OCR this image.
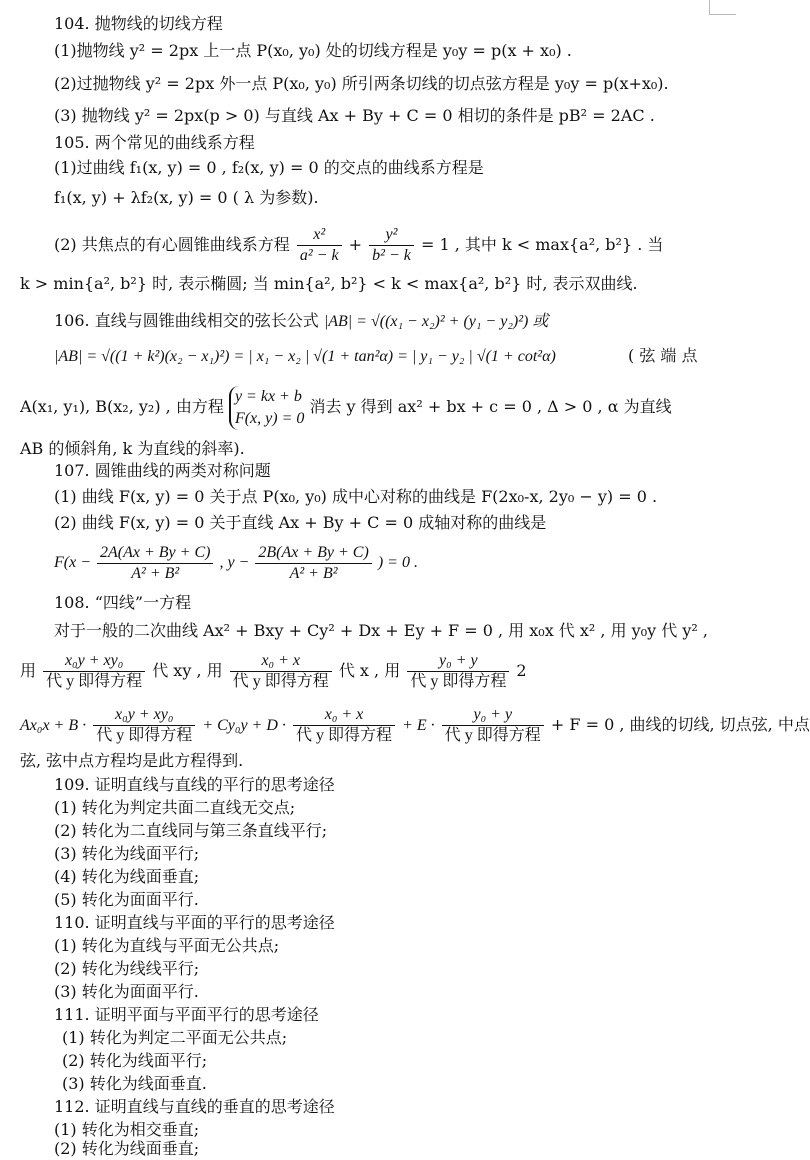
104. 抛物线的切线方程
(1)抛物线 y² = 2px 上一点 P(x₀, y₀) 处的切线方程是 y₀y = p(x + x₀) .
(2)过抛物线 y² = 2px 外一点 P(x₀, y₀) 所引两条切线的切点弦方程是 y₀y = p(x+x₀).
(3) 抛物线 y² = 2px(p > 0) 与直线 Ax + By + C = 0 相切的条件是 pB² = 2AC .
105. 两个常见的曲线系方程
(1)过曲线 f₁(x, y) = 0 , f₂(x, y) = 0 的交点的曲线系方程是
f₁(x, y) + λf₂(x, y) = 0 ( λ 为参数).
(2) 共焦点的有心圆锥曲线系方程 $\frac{\text{x²}}{\text{a² − k}} + \frac{\text{y²}}{\text{b² − k}} = 1$ , 其中 k < max{a², b²} . 当
k > min{a², b²} 时, 表示椭圆; 当 min{a², b²} < k < max{a², b²} 时, 表示双曲线.
106. 直线与圆锥曲线相交的弦长公式 |AB| = √((x₁ − x₂)² + (y₁ − y₂)²) 或
|AB| = √((1 + k²)(x₂ − x₁)²) = | x₁ − x₂ | √(1 + tan²α) = | y₁ − y₂ | √(1 + cot²α)	( 弦 端 点
A(x₁, y₁), B(x₂, y₂) , 由方程
y = kx + b
F(x, y) = 0
消去 y 得到 ax² + bx + c = 0 , Δ > 0 , α 为直线
AB 的倾斜角, k 为直线的斜率).
107. 圆锥曲线的两类对称问题
(1) 曲线 F(x, y) = 0 关于点 P(x₀, y₀) 成中心对称的曲线是 F(2x₀-x, 2y₀ − y) = 0 .
(2) 曲线 F(x, y) = 0 关于直线 Ax + By + C = 0 成轴对称的曲线是
$F(x - \frac{2A(Ax + By + C)}{\text{A² + B²}}$ , $y - \frac{2B(Ax + By + C)}{\text{A² + B²}}$ ) = 0 .
108. “四线”一方程
对于一般的二次曲线 Ax² + Bxy + Cy² + Dx + Ey + F = 0 , 用 x₀x 代 x² , 用 y₀y 代 y² ,
用 $\frac{\text{x₀y + xy₀}}{\text{代 y 即得方程}}$ 代 xy , 用 $\frac{\text{x₀ + x}}{\text{代 y 即得方程}}$ 代 x , 用 $\frac{\text{y₀ + y}}{\text{代 y 即得方程}} 2$
$Ax_0x + B \cdot \frac{\text{x₀y + xy₀}}{\text{代 y 即得方程}} + Cy_0y + D \cdot \frac{\text{x₀ + x}}{\text{代 y 即得方程}} + E \cdot \frac{\text{y₀ + y}}{\text{代 y 即得方程}} + F = 0$ , 曲线的切线, 切点弦, 中点
弦, 弦中点方程均是此方程得到.
109. 证明直线与直线的平行的思考途径
(1) 转化为判定共面二直线无交点;
(2) 转化为二直线同与第三条直线平行;
(3) 转化为线面平行;
(4) 转化为线面垂直;
(5) 转化为面面平行.
110. 证明直线与平面的平行的思考途径
(1) 转化为直线与平面无公共点;
(2) 转化为线线平行;
(3) 转化为面面平行.
111. 证明平面与平面平行的思考途径
(1) 转化为判定二平面无公共点;
(2) 转化为线面平行;
(3) 转化为线面垂直.
112. 证明直线与直线的垂直的思考途径
(1) 转化为相交垂直;
(2) 转化为线面垂直;
